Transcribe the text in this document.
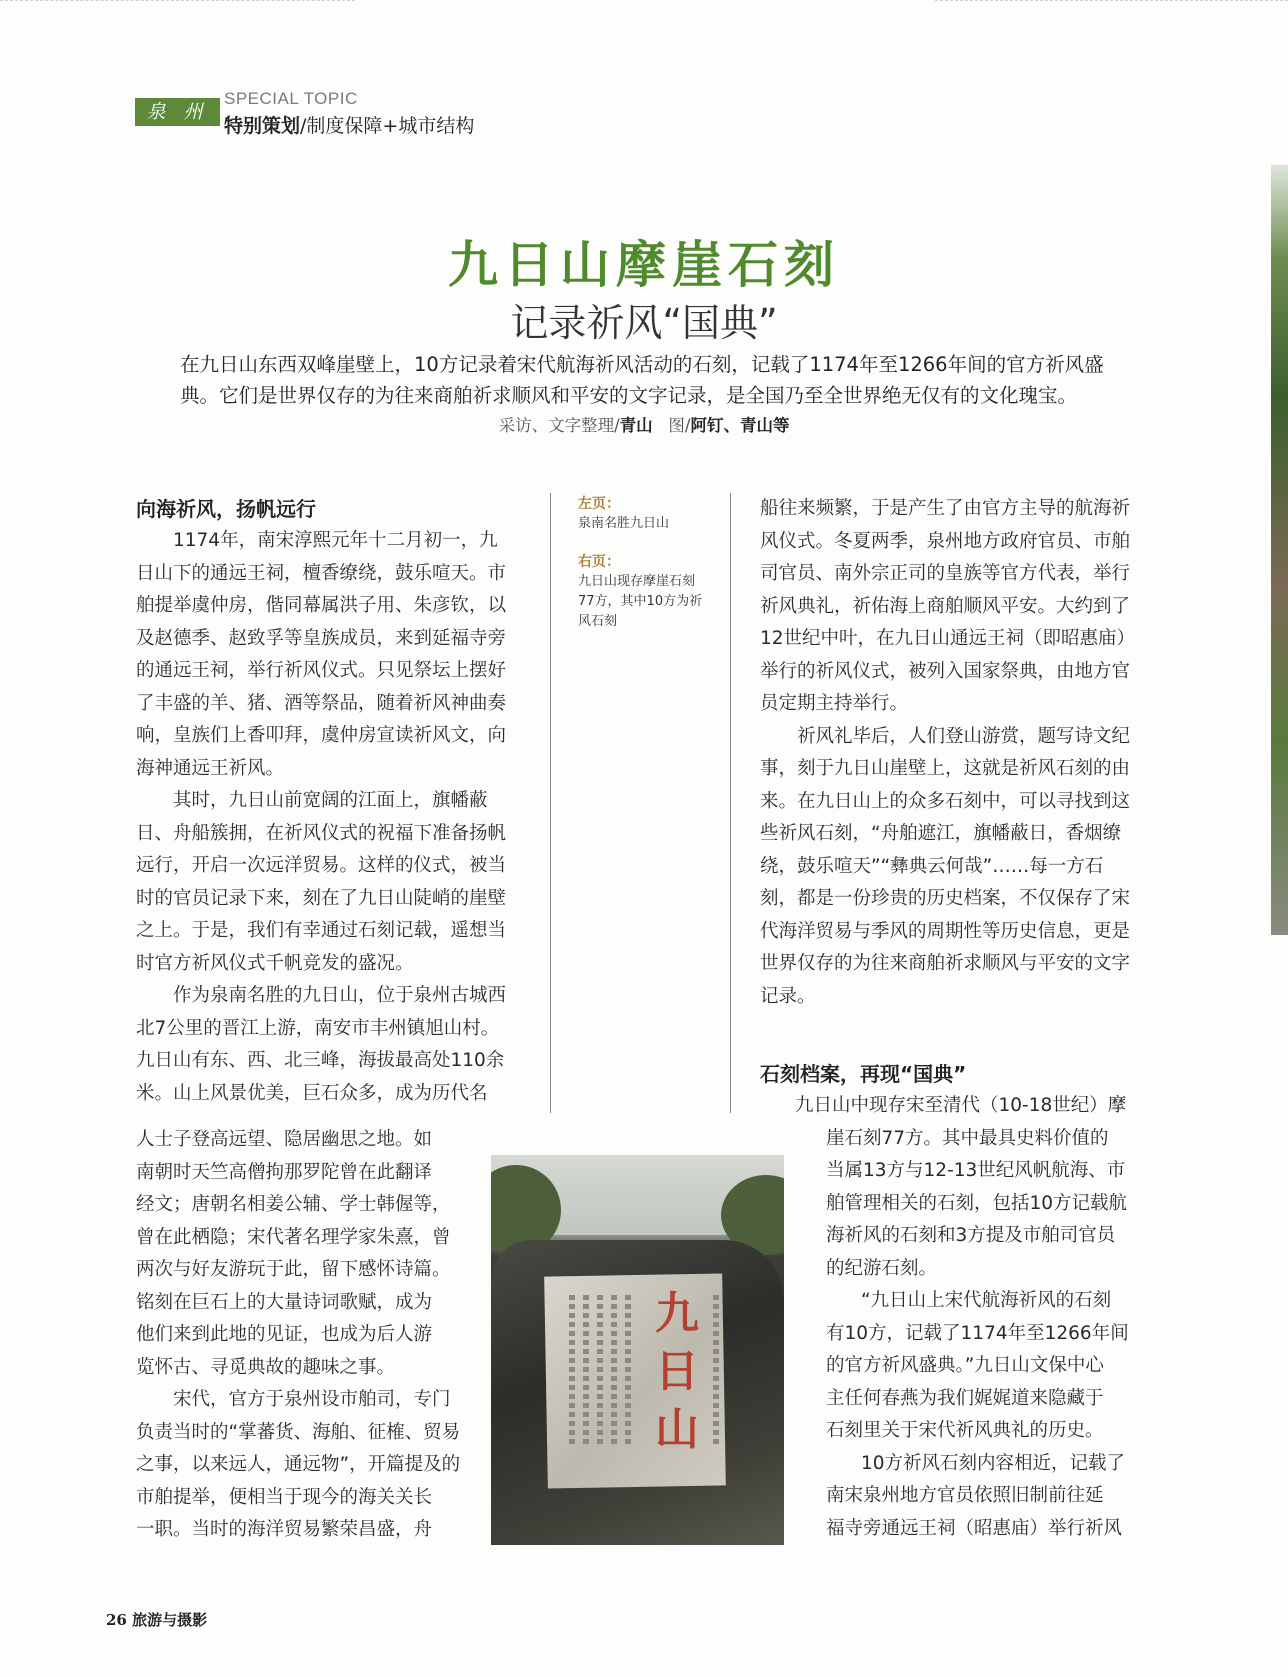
泉 州
SPECIAL TOPIC
特别策划/制度保障+城市结构
九日山摩崖石刻
记录祈风“国典”

在九日山东西双峰崖壁上，10方记录着宋代航海祈风活动的石刻，记载了1174年至1266年间的官方祈风盛

典。它们是世界仅存的为往来商舶祈求顺风和平安的文字记录，是全国乃至全世界绝无仅有的文化瑰宝。

采访、文字整理/青山 图/阿钉、青山等
向海祈风，扬帆远行

1174年，南宋淳熙元年十二月初一，九日山下的通远王祠，檀香缭绕，鼓乐喧天。市舶提举虞仲房，偕同幕属洪子用、朱彦钦，以及赵德季、赵致孚等皇族成员，来到延福寺旁的通远王祠，举行祈风仪式。只见祭坛上摆好了丰盛的羊、猪、酒等祭品，随着祈风神曲奏响，皇族们上香叩拜，虞仲房宣读祈风文，向海神通远王祈风。

其时，九日山前宽阔的江面上，旗幡蔽日、舟船簇拥，在祈风仪式的祝福下准备扬帆远行，开启一次远洋贸易。这样的仪式，被当时的官员记录下来，刻在了九日山陡峭的崖壁之上。于是，我们有幸通过石刻记载，遥想当时官方祈风仪式千帆竞发的盛况。

作为泉南名胜的九日山，位于泉州古城西北7公里的晋江上游，南安市丰州镇旭山村。九日山有东、西、北三峰，海拔最高处110余米。山上风景优美，巨石众多，成为历代名

人士子登高远望、隐居幽思之地。如
南朝时天竺高僧拘那罗陀曾在此翻译
经文；唐朝名相姜公辅、学士韩偓等，
曾在此栖隐；宋代著名理学家朱熹，曾
两次与好友游玩于此，留下感怀诗篇。
铭刻在巨石上的大量诗词歌赋，成为
他们来到此地的见证，也成为后人游
览怀古、寻觅典故的趣味之事。
宋代，官方于泉州设市舶司，专门
负责当时的“掌蕃货、海舶、征榷、贸易
之事，以来远人，通远物”，开篇提及的
市舶提举，便相当于现今的海关关长
一职。当时的海洋贸易繁荣昌盛，舟
左页：
泉南名胜九日山
右页：
九日山现存摩崖石刻77方，其中10方为祈风石刻
九日山

船往来频繁，于是产生了由官方主导的航海祈风仪式。冬夏两季，泉州地方政府官员、市舶司官员、南外宗正司的皇族等官方代表，举行祈风典礼，祈佑海上商舶顺风平安。大约到了12世纪中叶，在九日山通远王祠（即昭惠庙）举行的祈风仪式，被列入国家祭典，由地方官员定期主持举行。

祈风礼毕后，人们登山游赏，题写诗文纪事，刻于九日山崖壁上，这就是祈风石刻的由来。在九日山上的众多石刻中，可以寻找到这些祈风石刻，“舟舶遮江，旗幡蔽日，香烟缭绕，鼓乐喧天”“彝典云何哉”……每一方石刻，都是一份珍贵的历史档案，不仅保存了宋代海洋贸易与季风的周期性等历史信息，更是世界仅存的为往来商舶祈求顺风与平安的文字记录。

石刻档案，再现“国典”
九日山中现存宋至清代（10-18世纪）摩
崖石刻77方。其中最具史料价值的
当属13方与12-13世纪风帆航海、市
舶管理相关的石刻，包括10方记载航
海祈风的石刻和3方提及市舶司官员
的纪游石刻。
“九日山上宋代航海祈风的石刻
有10方，记载了1174年至1266年间
的官方祈风盛典。”九日山文保中心
主任何春燕为我们娓娓道来隐藏于
石刻里关于宋代祈风典礼的历史。
10方祈风石刻内容相近，记载了
南宋泉州地方官员依照旧制前往延
福寺旁通远王祠（昭惠庙）举行祈风
26 旅游与摄影
